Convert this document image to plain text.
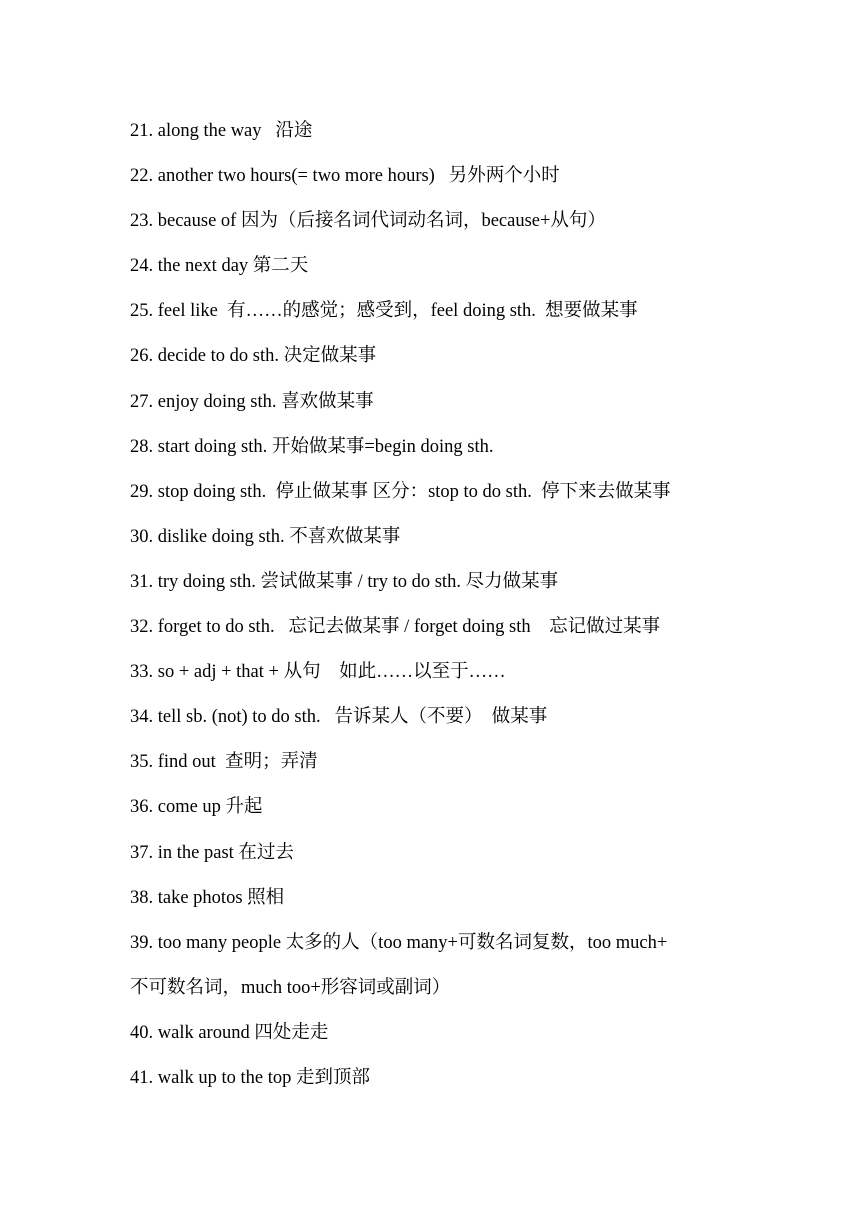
21. along the way   沿途
22. another two hours(= two more hours)   另外两个小时
23. because of 因为（后接名词代词动名词，because+从句）
24. the next day 第二天
25. feel like  有……的感觉；感受到，feel doing sth.  想要做某事
26. decide to do sth. 决定做某事
27. enjoy doing sth. 喜欢做某事
28. start doing sth. 开始做某事=begin doing sth.
29. stop doing sth.  停止做某事 区分：stop to do sth.  停下来去做某事
30. dislike doing sth. 不喜欢做某事
31. try doing sth. 尝试做某事 / try to do sth. 尽力做某事
32. forget to do sth.   忘记去做某事 / forget doing sth    忘记做过某事
33. so + adj + that + 从句    如此……以至于……
34. tell sb. (not) to do sth.   告诉某人（不要）  做某事
35. find out  查明；弄清
36. come up 升起
37. in the past 在过去
38. take photos 照相
39. too many people 太多的人（too many+可数名词复数，too much+
不可数名词，much too+形容词或副词）
40. walk around 四处走走
41. walk up to the top 走到顶部
